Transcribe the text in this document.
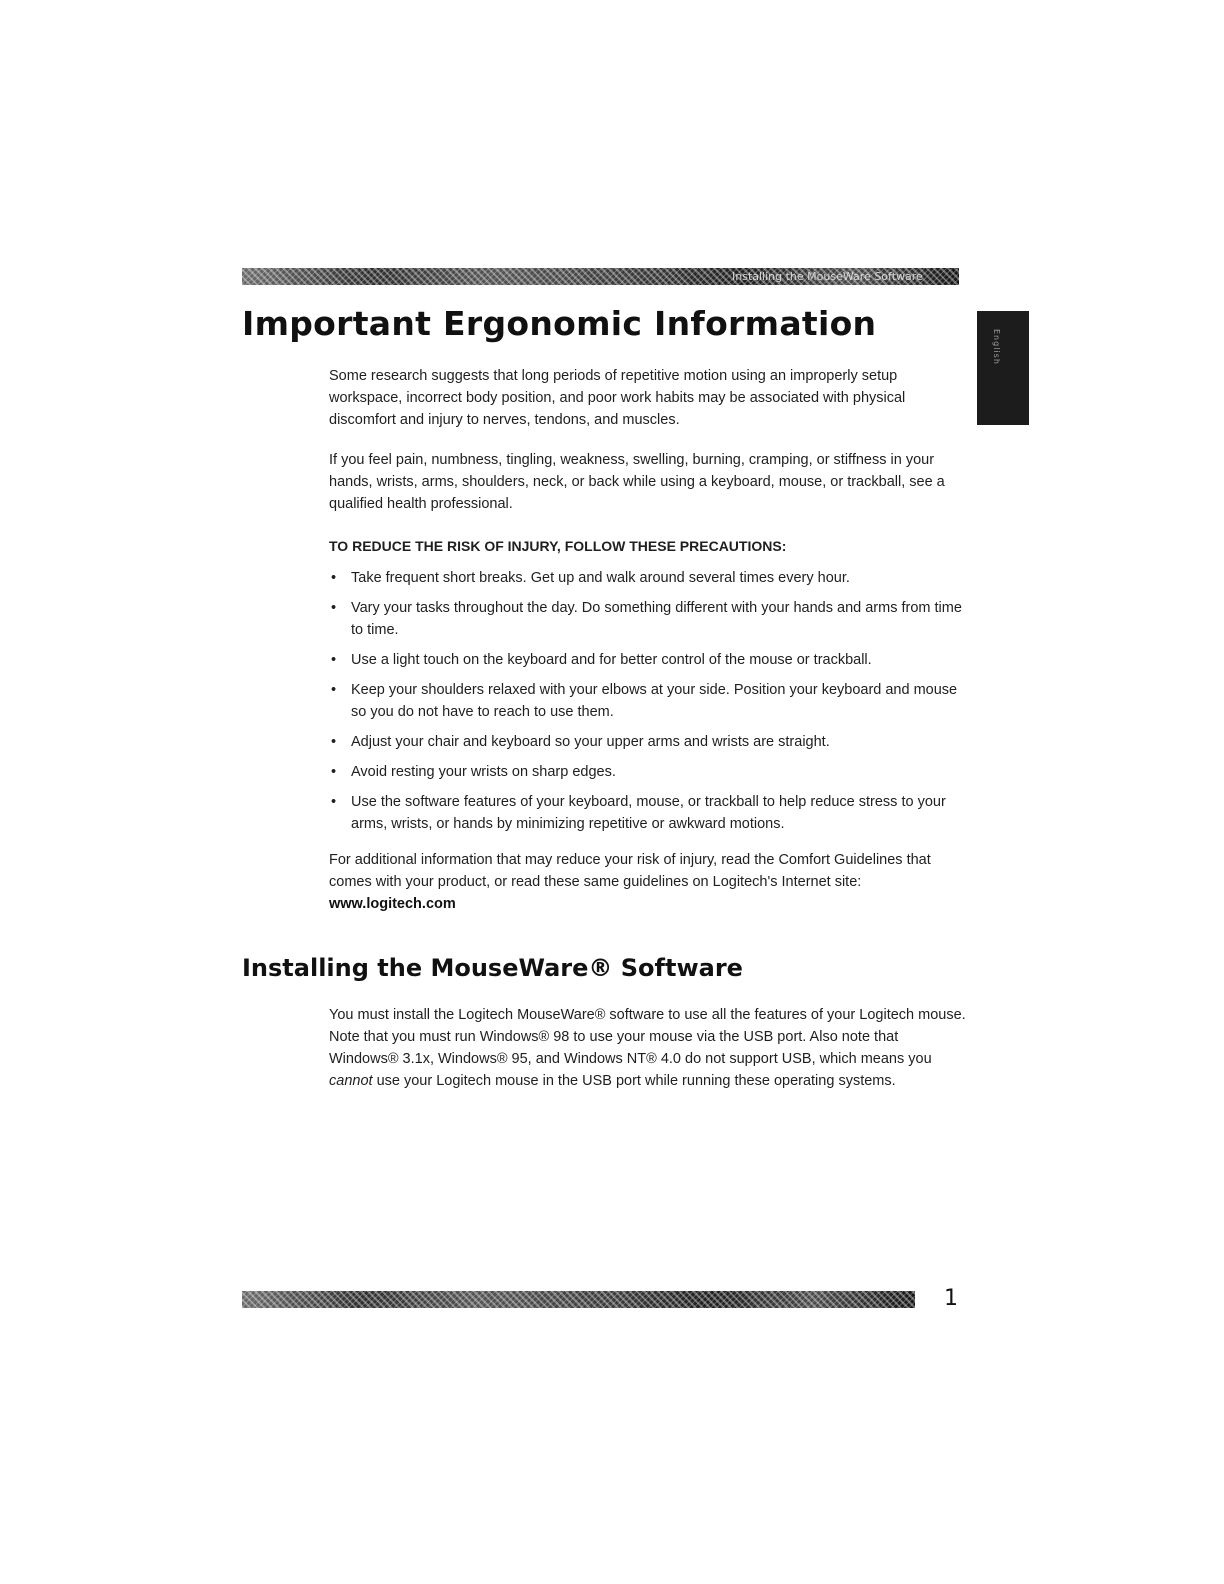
Installing the MouseWare Software
English
Important Ergonomic Information

Some research suggests that long periods of repetitive motion using an improperly setup workspace, incorrect body position, and poor work habits may be associated with physical discomfort and injury to nerves, tendons, and muscles.

If you feel pain, numbness, tingling, weakness, swelling, burning, cramping, or stiffness in your hands, wrists, arms, shoulders, neck, or back while using a keyboard, mouse, or trackball, see a qualified health professional.

TO REDUCE THE RISK OF INJURY, FOLLOW THESE PRECAUTIONS:
• Take frequent short breaks. Get up and walk around several times every hour.
• Vary your tasks throughout the day. Do something different with your hands and arms from time to time.
• Use a light touch on the keyboard and for better control of the mouse or trackball.
• Keep your shoulders relaxed with your elbows at your side. Position your keyboard and mouse so you do not have to reach to use them.
• Adjust your chair and keyboard so your upper arms and wrists are straight.
• Avoid resting your wrists on sharp edges.
• Use the software features of your keyboard, mouse, or trackball to help reduce stress to your arms, wrists, or hands by minimizing repetitive or awkward motions.
For additional information that may reduce your risk of injury, read the Comfort Guidelines that comes with your product, or read these same guidelines on Logitech's Internet site: www.logitech.com
Installing the MouseWare® Software
You must install the Logitech MouseWare® software to use all the features of your Logitech mouse. Note that you must run Windows® 98 to use your mouse via the USB port. Also note that Windows® 3.1x, Windows® 95, and Windows NT® 4.0 do not support USB, which means you cannot use your Logitech mouse in the USB port while running these operating systems.
1
